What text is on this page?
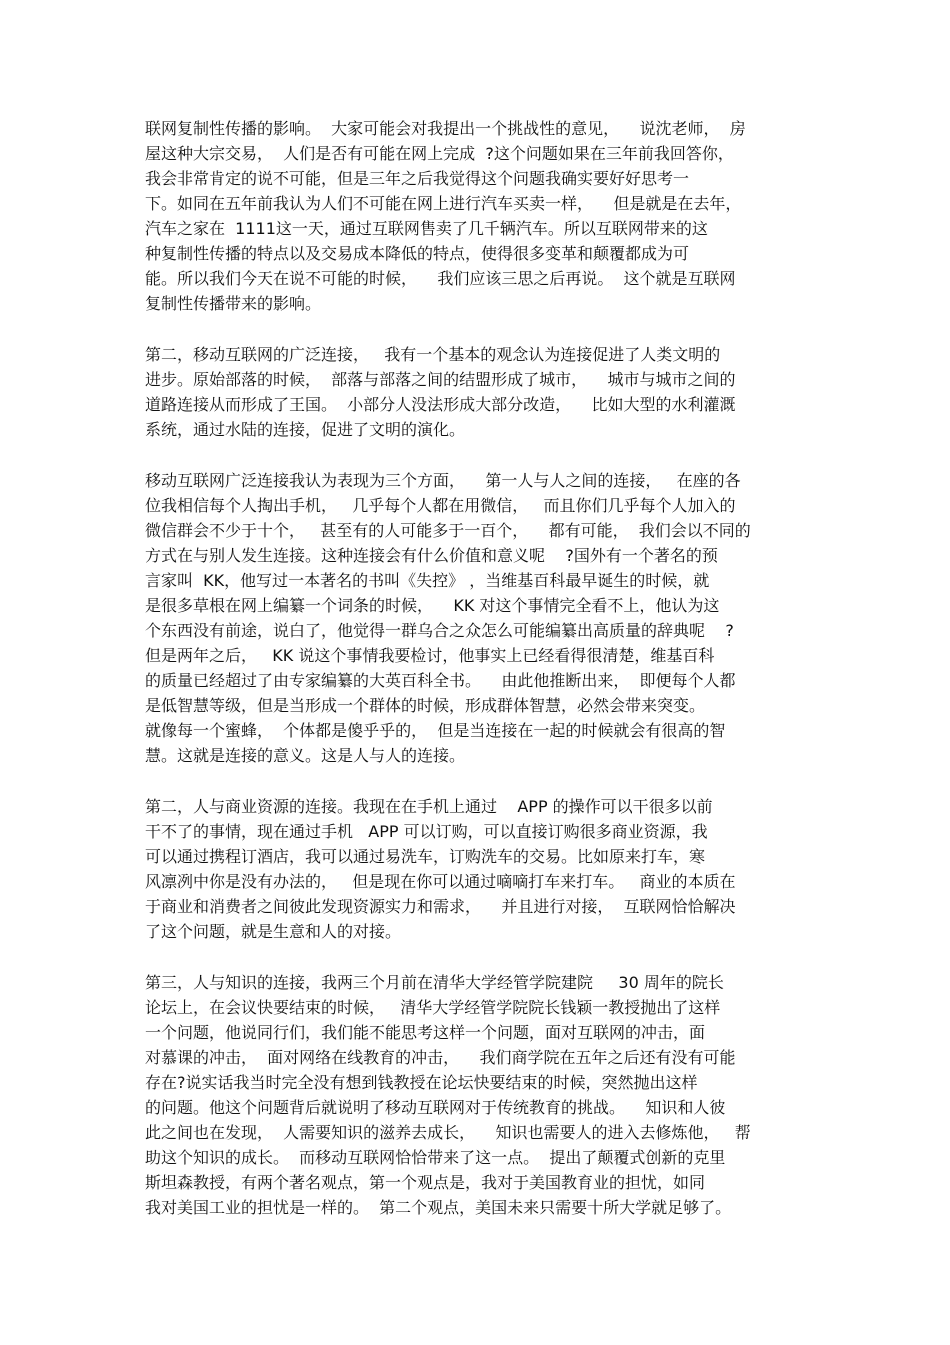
联网复制性传播的影响。  大家可能会对我提出一个挑战性的意见，    说沈老师，  房
屋这种大宗交易，  人们是否有可能在网上完成  ?这个问题如果在三年前我回答你，
我会非常肯定的说不可能，但是三年之后我觉得这个问题我确实要好好思考一
下。如同在五年前我认为人们不可能在网上进行汽车买卖一样，    但是就是在去年，
汽车之家在  1111这一天，通过互联网售卖了几千辆汽车。所以互联网带来的这
种复制性传播的特点以及交易成本降低的特点，使得很多变革和颠覆都成为可
能。所以我们今天在说不可能的时候，    我们应该三思之后再说。  这个就是互联网
复制性传播带来的影响。
第二，移动互联网的广泛连接，   我有一个基本的观念认为连接促进了人类文明的
进步。原始部落的时候，  部落与部落之间的结盟形成了城市，    城市与城市之间的
道路连接从而形成了王国。  小部分人没法形成大部分改造，    比如大型的水利灌溉
系统，通过水陆的连接，促进了文明的演化。
移动互联网广泛连接我认为表现为三个方面，    第一人与人之间的连接，   在座的各
位我相信每个人掏出手机，   几乎每个人都在用微信，   而且你们几乎每个人加入的
微信群会不少于十个，   甚至有的人可能多于一百个，    都有可能，  我们会以不同的
方式在与别人发生连接。这种连接会有什么价值和意义呢    ?国外有一个著名的预
言家叫  KK，他写过一本著名的书叫《失控》 ，当维基百科最早诞生的时候，就
是很多草根在网上编纂一个词条的时候，    KK 对这个事情完全看不上，他认为这
个东西没有前途，说白了，他觉得一群乌合之众怎么可能编纂出高质量的辞典呢    ?
但是两年之后，   KK 说这个事情我要检讨，他事实上已经看得很清楚，维基百科
的质量已经超过了由专家编纂的大英百科全书。    由此他推断出来，  即便每个人都
是低智慧等级，但是当形成一个群体的时候，形成群体智慧，必然会带来突变。
就像每一个蜜蜂，  个体都是傻乎乎的，  但是当连接在一起的时候就会有很高的智
慧。这就是连接的意义。这是人与人的连接。
第二，人与商业资源的连接。我现在在手机上通过    APP 的操作可以干很多以前
干不了的事情，现在通过手机   APP 可以订购，可以直接订购很多商业资源，我
可以通过携程订酒店，我可以通过易洗车，订购洗车的交易。比如原来打车，寒
风凛冽中你是没有办法的，   但是现在你可以通过嘀嘀打车来打车。   商业的本质在
于商业和消费者之间彼此发现资源实力和需求，    并且进行对接，  互联网恰恰解决
了这个问题，就是生意和人的对接。
第三，人与知识的连接，我两三个月前在清华大学经管学院建院     30 周年的院长
论坛上，在会议快要结束的时候，   清华大学经管学院院长钱颖一教授抛出了这样
一个问题，他说同行们，我们能不能思考这样一个问题，面对互联网的冲击，面
对慕课的冲击，  面对网络在线教育的冲击，    我们商学院在五年之后还有没有可能
存在?说实话我当时完全没有想到钱教授在论坛快要结束的时候，突然抛出这样
的问题。他这个问题背后就说明了移动互联网对于传统教育的挑战。    知识和人彼
此之间也在发现，  人需要知识的滋养去成长，    知识也需要人的进入去修炼他，   帮
助这个知识的成长。  而移动互联网恰恰带来了这一点。  提出了颠覆式创新的克里
斯坦森教授，有两个著名观点，第一个观点是，我对于美国教育业的担忧，如同
我对美国工业的担忧是一样的。  第二个观点，美国未来只需要十所大学就足够了。
